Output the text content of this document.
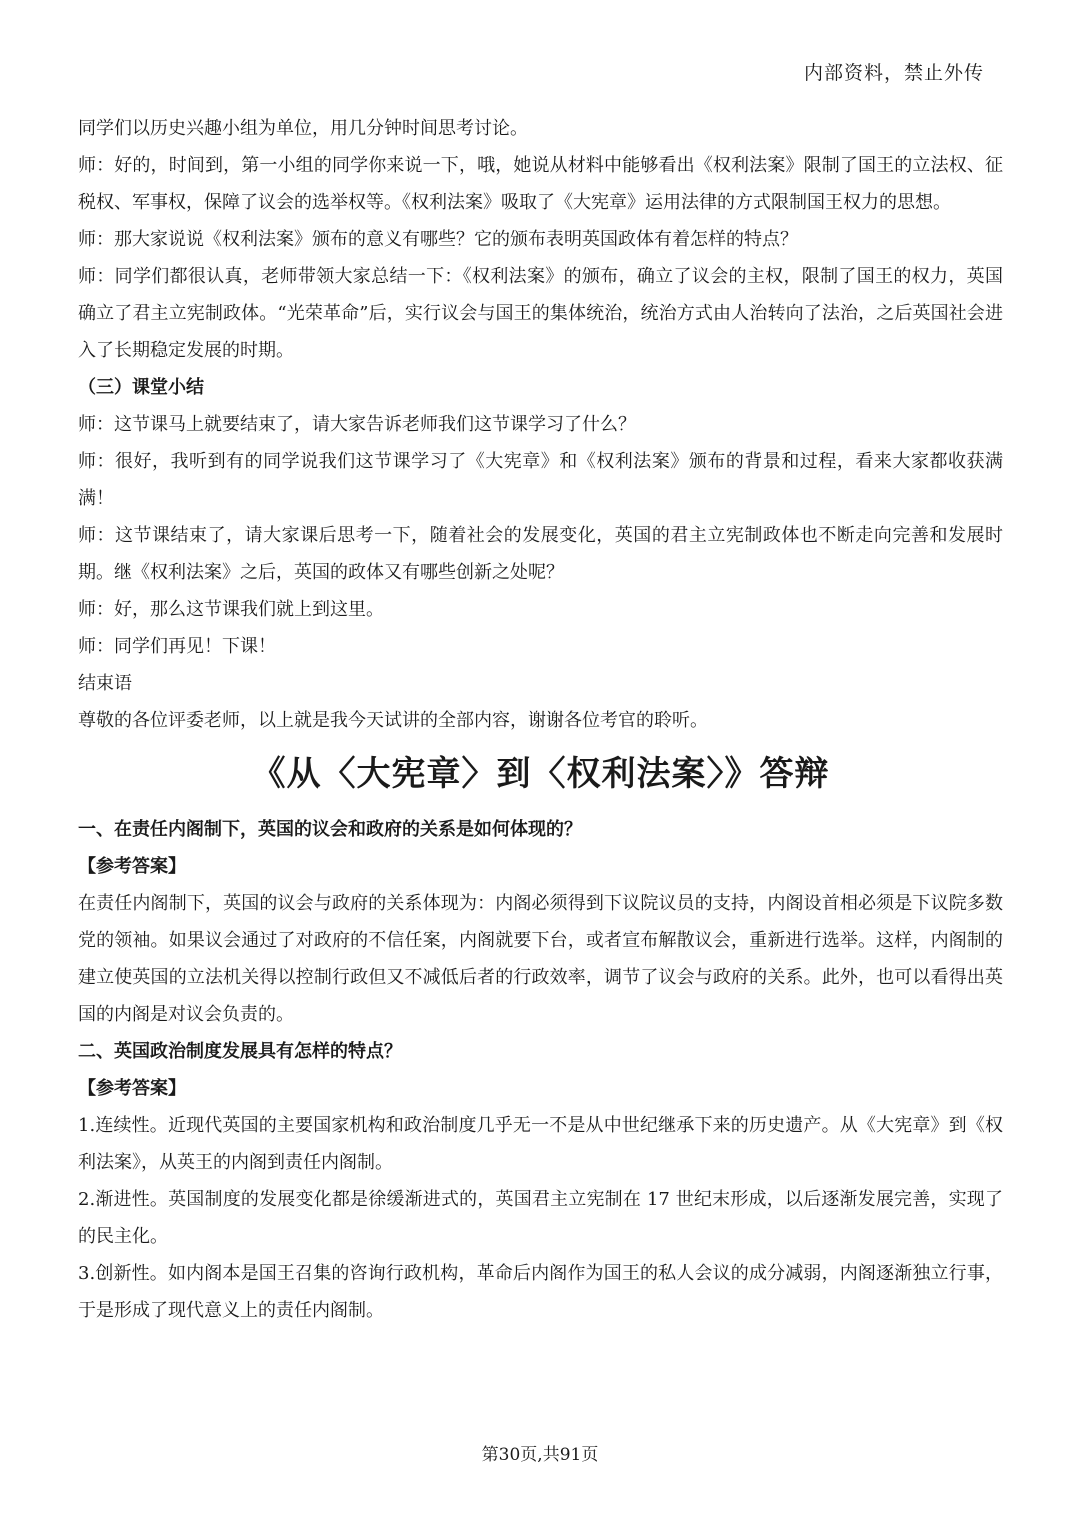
内部资料，禁止外传

同学们以历史兴趣小组为单位，用几分钟时间思考讨论。

师：好的，时间到，第一小组的同学你来说一下，哦，她说从材料中能够看出《权利法案》限制了国王的立法权、征税权、军事权，保障了议会的选举权等。《权利法案》吸取了《大宪章》运用法律的方式限制国王权力的思想。

师：那大家说说《权利法案》颁布的意义有哪些？它的颁布表明英国政体有着怎样的特点？

师：同学们都很认真，老师带领大家总结一下：《权利法案》的颁布，确立了议会的主权，限制了国王的权力，英国确立了君主立宪制政体。“光荣革命”后，实行议会与国王的集体统治，统治方式由人治转向了法治，之后英国社会进入了长期稳定发展的时期。

（三）课堂小结

师：这节课马上就要结束了，请大家告诉老师我们这节课学习了什么？

师：很好，我听到有的同学说我们这节课学习了《大宪章》和《权利法案》颁布的背景和过程，看来大家都收获满满！

师：这节课结束了，请大家课后思考一下，随着社会的发展变化，英国的君主立宪制政体也不断走向完善和发展时期。继《权利法案》之后，英国的政体又有哪些创新之处呢？

师：好，那么这节课我们就上到这里。

师：同学们再见！下课！

结束语

尊敬的各位评委老师，以上就是我今天试讲的全部内容，谢谢各位考官的聆听。

《从〈大宪章〉到〈权利法案〉》答辩

一、在责任内阁制下，英国的议会和政府的关系是如何体现的？

【参考答案】

在责任内阁制下，英国的议会与政府的关系体现为：内阁必须得到下议院议员的支持，内阁设首相必须是下议院多数党的领袖。如果议会通过了对政府的不信任案，内阁就要下台，或者宣布解散议会，重新进行选举。这样，内阁制的建立使英国的立法机关得以控制行政但又不减低后者的行政效率，调节了议会与政府的关系。此外，也可以看得出英国的内阁是对议会负责的。

二、英国政治制度发展具有怎样的特点？

【参考答案】

1.连续性。近现代英国的主要国家机构和政治制度几乎无一不是从中世纪继承下来的历史遗产。从《大宪章》到《权利法案》，从英王的内阁到责任内阁制。

2.渐进性。英国制度的发展变化都是徐缓渐进式的，英国君主立宪制在 17 世纪末形成，以后逐渐发展完善，实现了的民主化。

3.创新性。如内阁本是国王召集的咨询行政机构，革命后内阁作为国王的私人会议的成分减弱，内阁逐渐独立行事，于是形成了现代意义上的责任内阁制。

第30页,共91页
